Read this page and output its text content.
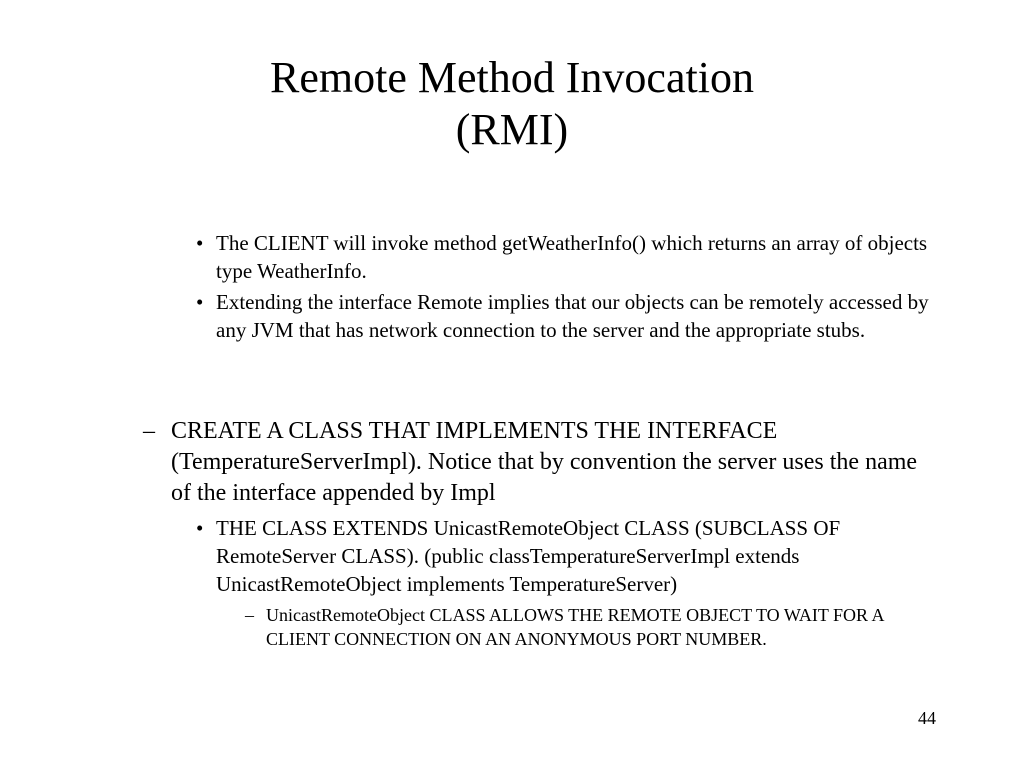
Remote Method Invocation
(RMI)
• The CLIENT will invoke method getWeatherInfo() which returns an array of objects type WeatherInfo.
• Extending the interface Remote implies that our objects can be remotely accessed by any JVM that has network connection to the server and the appropriate stubs.
– CREATE A CLASS THAT IMPLEMENTS THE INTERFACE (TemperatureServerImpl). Notice that by convention the server uses the name of the interface appended by Impl
• THE CLASS EXTENDS UnicastRemoteObject CLASS (SUBCLASS OF RemoteServer CLASS). (public classTemperatureServerImpl extends UnicastRemoteObject implements TemperatureServer)
– UnicastRemoteObject CLASS ALLOWS THE REMOTE OBJECT TO WAIT FOR A CLIENT CONNECTION ON AN ANONYMOUS PORT NUMBER.
44
